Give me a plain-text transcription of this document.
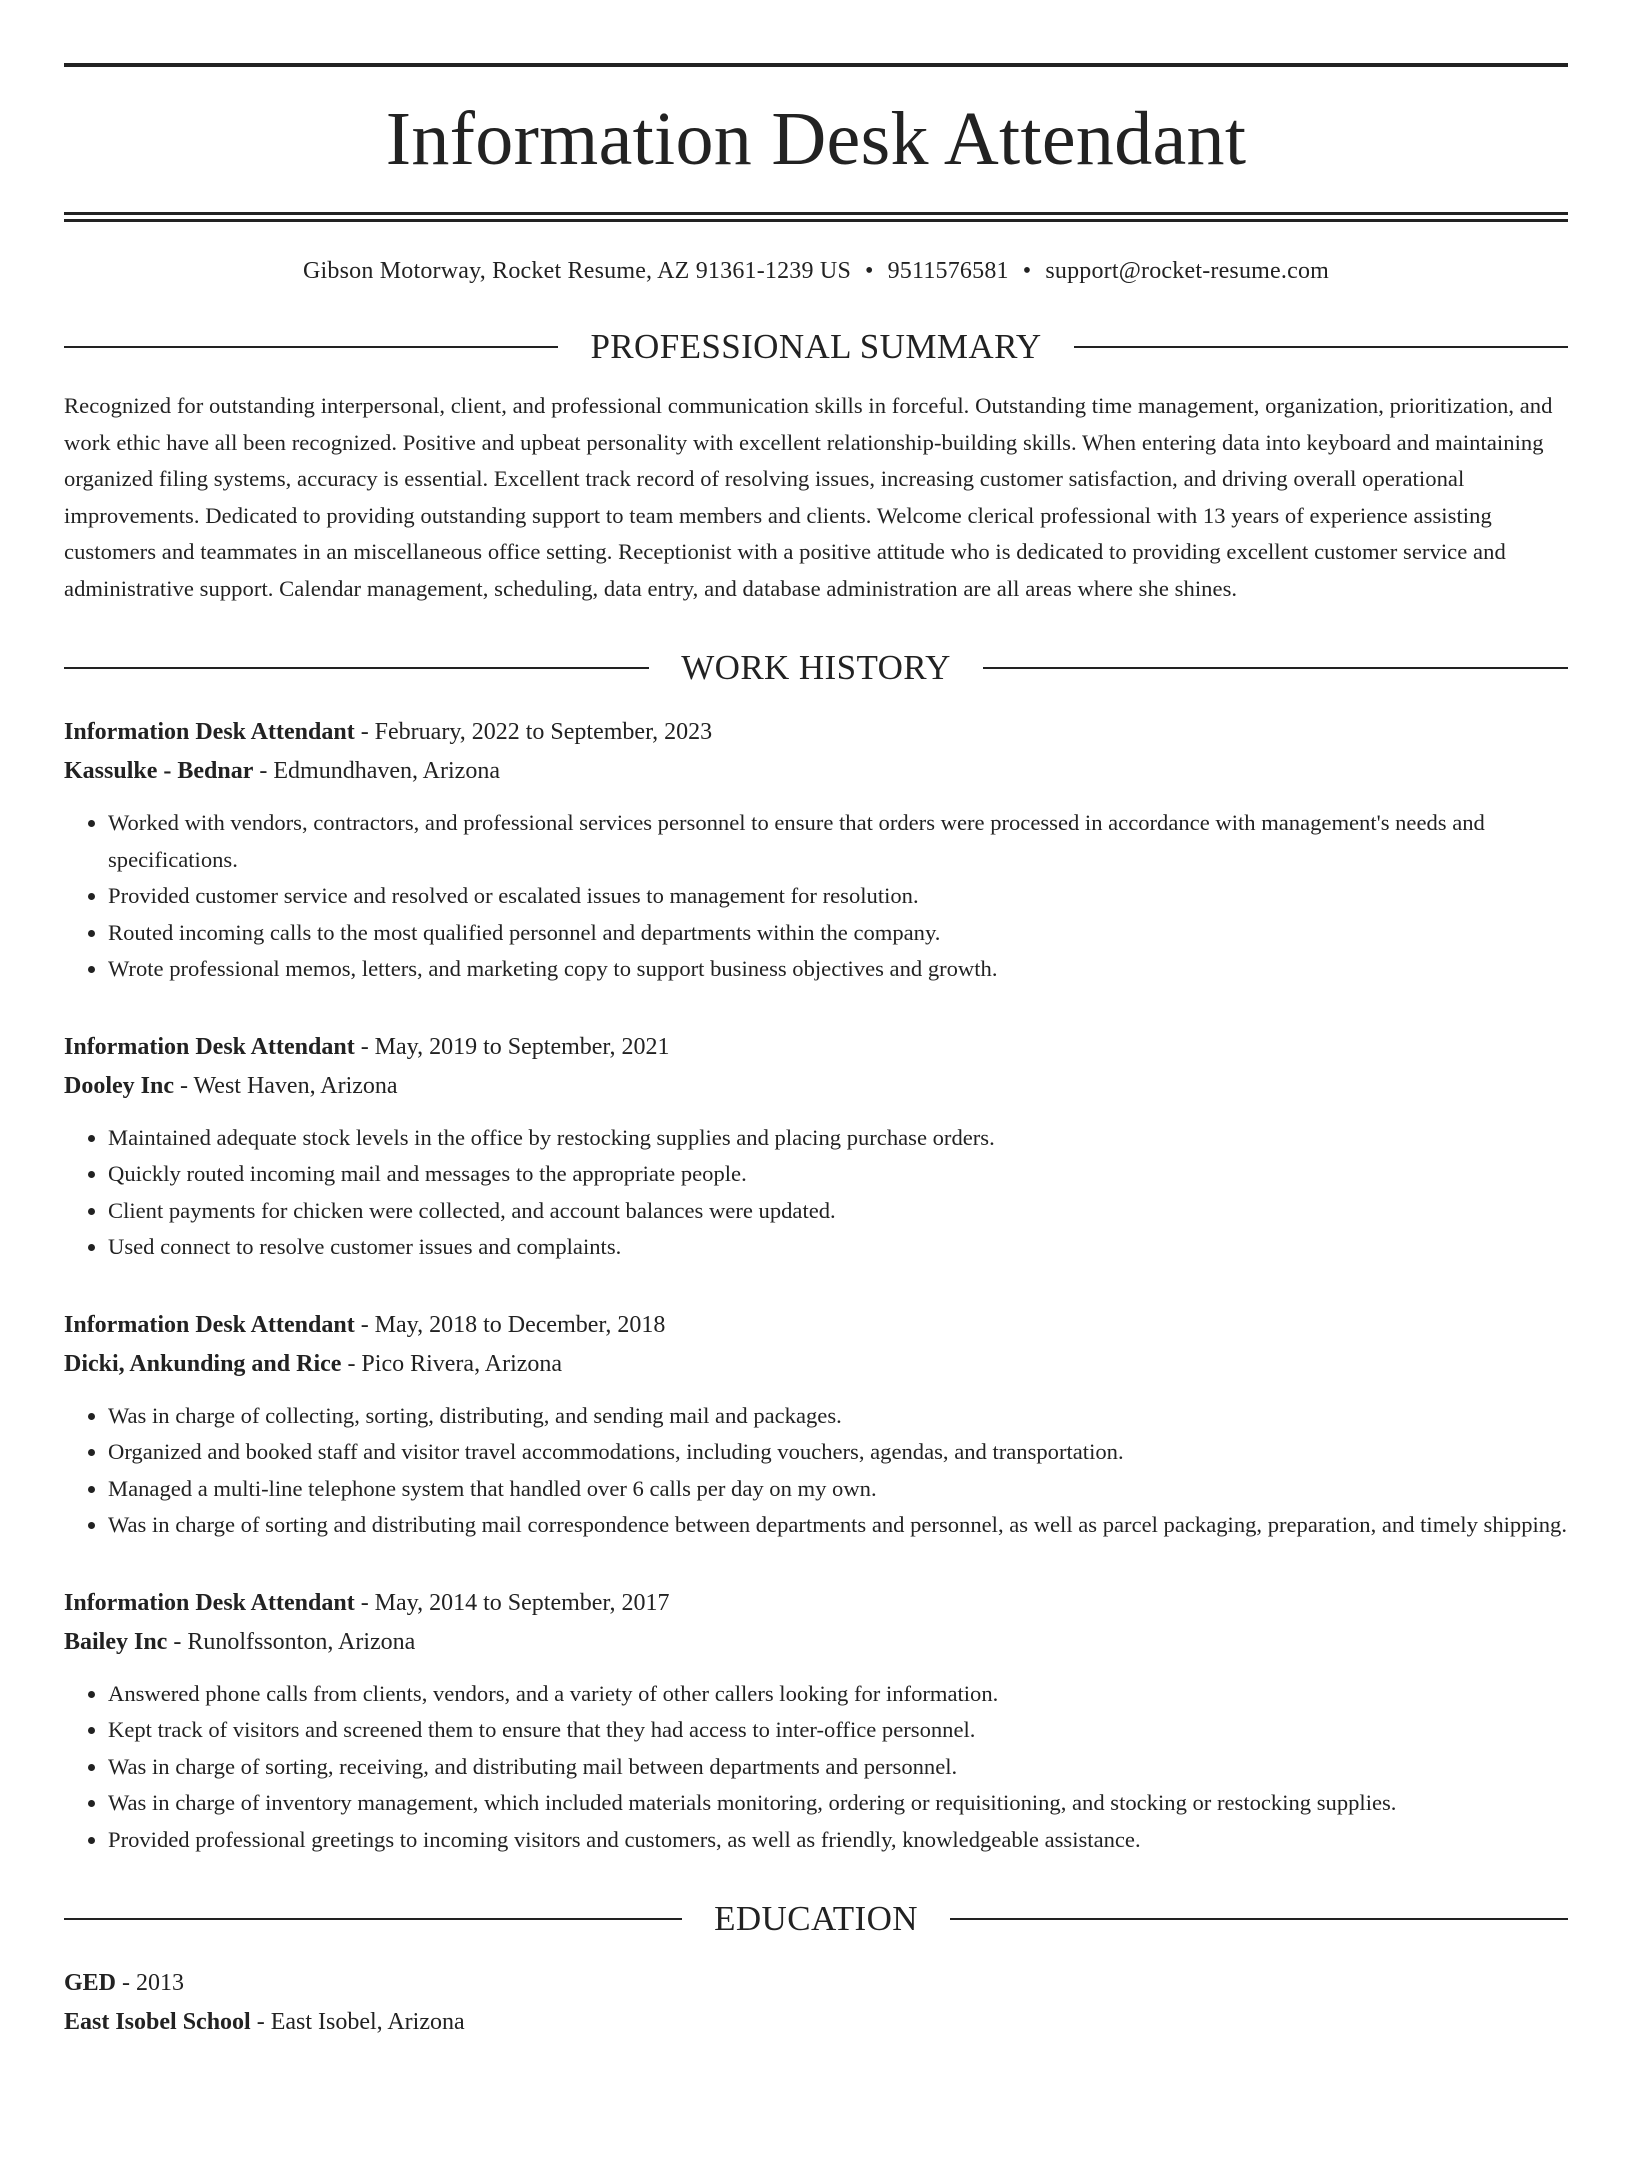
Information Desk Attendant
Gibson Motorway, Rocket Resume, AZ 91361-1239 US • 9511576581 • support@rocket-resume.com
PROFESSIONAL SUMMARY

Recognized for outstanding interpersonal, client, and professional communication skills in forceful. Outstanding time management, organization, prioritization, and work ethic have all been recognized. Positive and upbeat personality with excellent relationship-building skills. When entering data into keyboard and maintaining organized filing systems, accuracy is essential. Excellent track record of resolving issues, increasing customer satisfaction, and driving overall operational improvements. Dedicated to providing outstanding support to team members and clients. Welcome clerical professional with 13 years of experience assisting customers and teammates in an miscellaneous office setting. Receptionist with a positive attitude who is dedicated to providing excellent customer service and administrative support. Calendar management, scheduling, data entry, and database administration are all areas where she shines.

WORK HISTORY

Information Desk Attendant - February, 2022 to September, 2023

Kassulke - Bednar - Edmundhaven, Arizona

• Worked with vendors, contractors, and professional services personnel to ensure that orders were processed in accordance with management's needs and specifications.
• Provided customer service and resolved or escalated issues to management for resolution.
• Routed incoming calls to the most qualified personnel and departments within the company.
• Wrote professional memos, letters, and marketing copy to support business objectives and growth.

Information Desk Attendant - May, 2019 to September, 2021

Dooley Inc - West Haven, Arizona

• Maintained adequate stock levels in the office by restocking supplies and placing purchase orders.
• Quickly routed incoming mail and messages to the appropriate people.
• Client payments for chicken were collected, and account balances were updated.
• Used connect to resolve customer issues and complaints.

Information Desk Attendant - May, 2018 to December, 2018

Dicki, Ankunding and Rice - Pico Rivera, Arizona

• Was in charge of collecting, sorting, distributing, and sending mail and packages.
• Organized and booked staff and visitor travel accommodations, including vouchers, agendas, and transportation.
• Managed a multi-line telephone system that handled over 6 calls per day on my own.
• Was in charge of sorting and distributing mail correspondence between departments and personnel, as well as parcel packaging, preparation, and timely shipping.

Information Desk Attendant - May, 2014 to September, 2017

Bailey Inc - Runolfssonton, Arizona

• Answered phone calls from clients, vendors, and a variety of other callers looking for information.
• Kept track of visitors and screened them to ensure that they had access to inter-office personnel.
• Was in charge of sorting, receiving, and distributing mail between departments and personnel.
• Was in charge of inventory management, which included materials monitoring, ordering or requisitioning, and stocking or restocking supplies.
• Provided professional greetings to incoming visitors and customers, as well as friendly, knowledgeable assistance.
EDUCATION

GED - 2013

East Isobel School - East Isobel, Arizona
